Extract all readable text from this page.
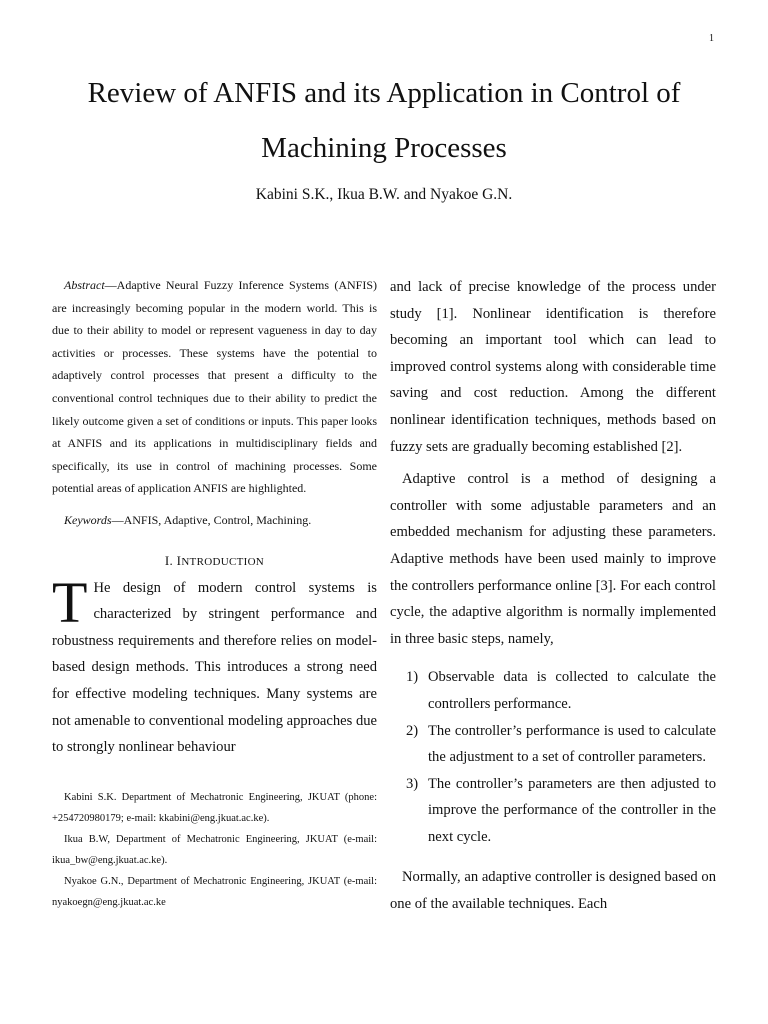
1
Review of ANFIS and its Application in Control of
Machining Processes
Kabini S.K., Ikua B.W. and Nyakoe G.N.

Abstract—Adaptive Neural Fuzzy Inference Systems (ANFIS) are increasingly becoming popular in the modern world. This is due to their ability to model or represent vagueness in day to day activities or processes. These systems have the potential to adaptively control processes that present a difficulty to the conventional control techniques due to their ability to predict the likely outcome given a set of conditions or inputs. This paper looks at ANFIS and its applications in multidisciplinary fields and specifically, its use in control of machining processes. Some potential areas of application ANFIS are highlighted.

Keywords—ANFIS, Adaptive, Control, Machining.

I. INTRODUCTION

T He design of modern control systems is characterized by stringent performance and robustness requirements and therefore relies on model-based design methods. This introduces a strong need for effective modeling techniques. Many systems are not amenable to conventional modeling approaches due to strongly nonlinear behaviour

Kabini S.K. Department of Mechatronic Engineering, JKUAT (phone: +254720980179; e-mail: kkabini@eng.jkuat.ac.ke).

Ikua B.W, Department of Mechatronic Engineering, JKUAT (e-mail: ikua_bw@eng.jkuat.ac.ke).

Nyakoe G.N., Department of Mechatronic Engineering, JKUAT (e-mail: nyakoegn@eng.jkuat.ac.ke

and lack of precise knowledge of the process under study [1]. Nonlinear identification is therefore becoming an important tool which can lead to improved control systems along with considerable time saving and cost reduction. Among the different nonlinear identification techniques, methods based on fuzzy sets are gradually becoming established [2].

Adaptive control is a method of designing a controller with some adjustable parameters and an embedded mechanism for adjusting these parameters. Adaptive methods have been used mainly to improve the controllers performance online [3]. For each control cycle, the adaptive algorithm is normally implemented in three basic steps, namely,

1) Observable data is collected to calculate the controllers performance.
2) The controller’s performance is used to calculate the adjustment to a set of controller parameters.
3) The controller’s parameters are then adjusted to improve the performance of the controller in the next cycle.

Normally, an adaptive controller is designed based on one of the available techniques. Each
